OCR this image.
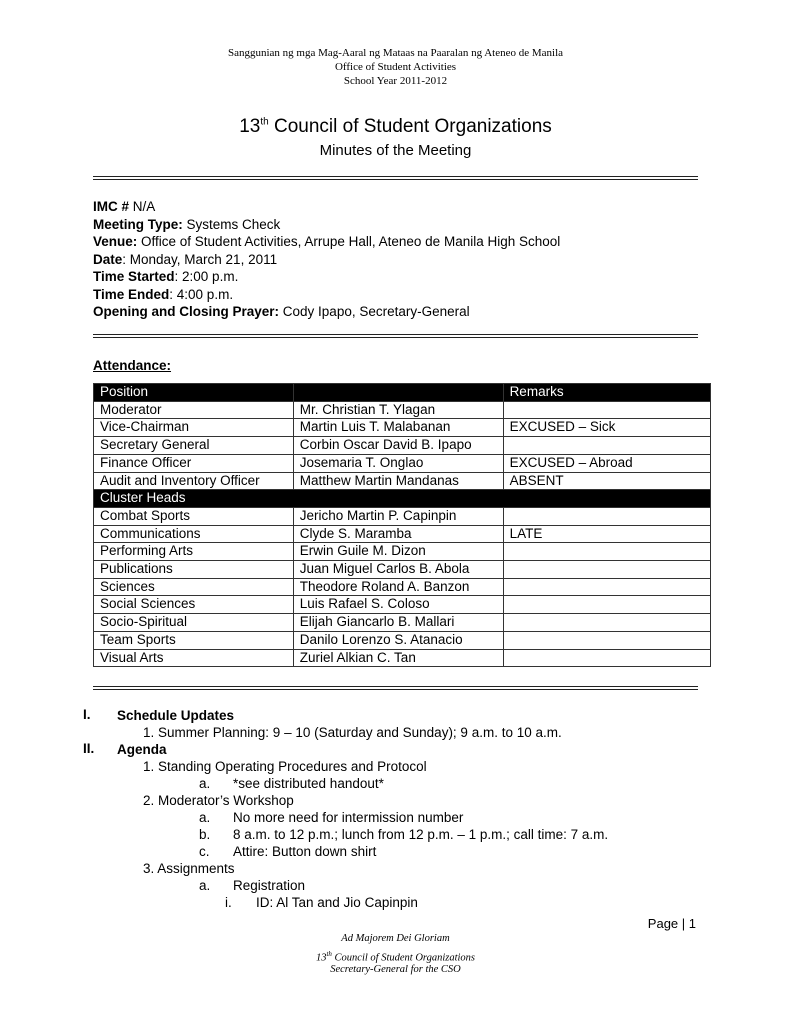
Sanggunian ng mga Mag-Aaral ng Mataas na Paaralan ng Ateneo de Manila
Office of Student Activities
School Year 2011-2012
13th Council of Student Organizations
Minutes of the Meeting
IMC # N/A
Meeting Type: Systems Check
Venue: Office of Student Activities, Arrupe Hall, Ateneo de Manila High School
Date: Monday, March 21, 2011
Time Started: 2:00 p.m.
Time Ended: 4:00 p.m.
Opening and Closing Prayer: Cody Ipapo, Secretary-General
Attendance:
Position		Remarks
Moderator	Mr. Christian T. Ylagan	
Vice-Chairman	Martin Luis T. Malabanan	EXCUSED – Sick
Secretary General	Corbin Oscar David B. Ipapo	
Finance Officer	Josemaria T. Onglao	EXCUSED – Abroad
Audit and Inventory Officer	Matthew Martin Mandanas	ABSENT
Cluster Heads		
Combat Sports	Jericho Martin P. Capinpin	
Communications	Clyde S. Maramba	LATE
Performing Arts	Erwin Guile M. Dizon	
Publications	Juan Miguel Carlos B. Abola	
Sciences	Theodore Roland A. Banzon	
Social Sciences	Luis Rafael S. Coloso	
Socio-Spiritual	Elijah Giancarlo B. Mallari	
Team Sports	Danilo Lorenzo S. Atanacio	
Visual Arts	Zuriel Alkian C. Tan	
I. Schedule Updates
1. Summer Planning: 9 – 10 (Saturday and Sunday); 9 a.m. to 10 a.m.
II. Agenda
1. Standing Operating Procedures and Protocol
a. *see distributed handout*
2. Moderator’s Workshop
a. No more need for intermission number
b. 8 a.m. to 12 p.m.; lunch from 12 p.m. – 1 p.m.; call time: 7 a.m.
c. Attire: Button down shirt
3. Assignments
a. Registration
i. ID: Al Tan and Jio Capinpin
Page | 1
Ad Majorem Dei Gloriam
13th Council of Student Organizations
Secretary-General for the CSO
